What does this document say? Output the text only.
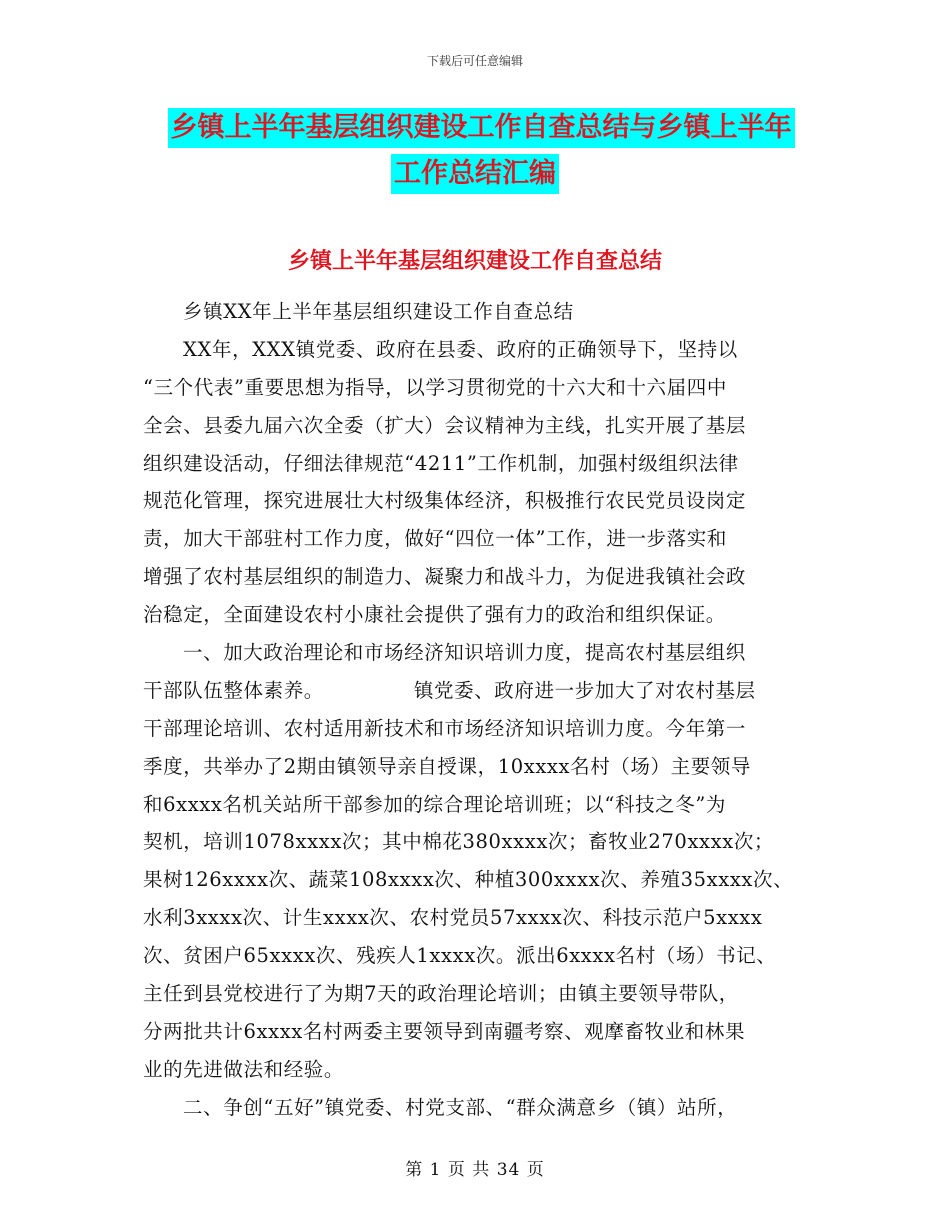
下载后可任意编辑
乡镇上半年基层组织建设工作自查总结与乡镇上半年
工作总结汇编
乡镇上半年基层组织建设工作自查总结
乡镇XX年上半年基层组织建设工作自查总结
XX年，XXX镇党委、政府在县委、政府的正确领导下，坚持以
“三个代表”重要思想为指导，以学习贯彻党的十六大和十六届四中
全会、县委九届六次全委（扩大）会议精神为主线，扎实开展了基层
组织建设活动，仔细法律规范“4211”工作机制，加强村级组织法律
规范化管理，探究进展壮大村级集体经济，积极推行农民党员设岗定
责，加大干部驻村工作力度，做好“四位一体”工作，进一步落实和
增强了农村基层组织的制造力、凝聚力和战斗力，为促进我镇社会政
治稳定，全面建设农村小康社会提供了强有力的政治和组织保证。
一、加大政治理论和市场经济知识培训力度，提高农村基层组织
干部队伍整体素养。	镇党委、政府进一步加大了对农村基层
干部理论培训、农村适用新技术和市场经济知识培训力度。今年第一
季度，共举办了2期由镇领导亲自授课，10xxxx名村（场）主要领导
和6xxxx名机关站所干部参加的综合理论培训班；以“科技之冬”为
契机，培训1078xxxx次；其中棉花380xxxx次；畜牧业270xxxx次；
果树126xxxx次、蔬菜108xxxx次、种植300xxxx次、养殖35xxxx次、
水利3xxxx次、计生xxxx次、农村党员57xxxx次、科技示范户5xxxx
次、贫困户65xxxx次、残疾人1xxxx次。派出6xxxx名村（场）书记、
主任到县党校进行了为期7天的政治理论培训；由镇主要领导带队，
分两批共计6xxxx名村两委主要领导到南疆考察、观摩畜牧业和林果
业的先进做法和经验。
二、争创“五好”镇党委、村党支部、“群众满意乡（镇）站所，
第 1 页 共 34 页
